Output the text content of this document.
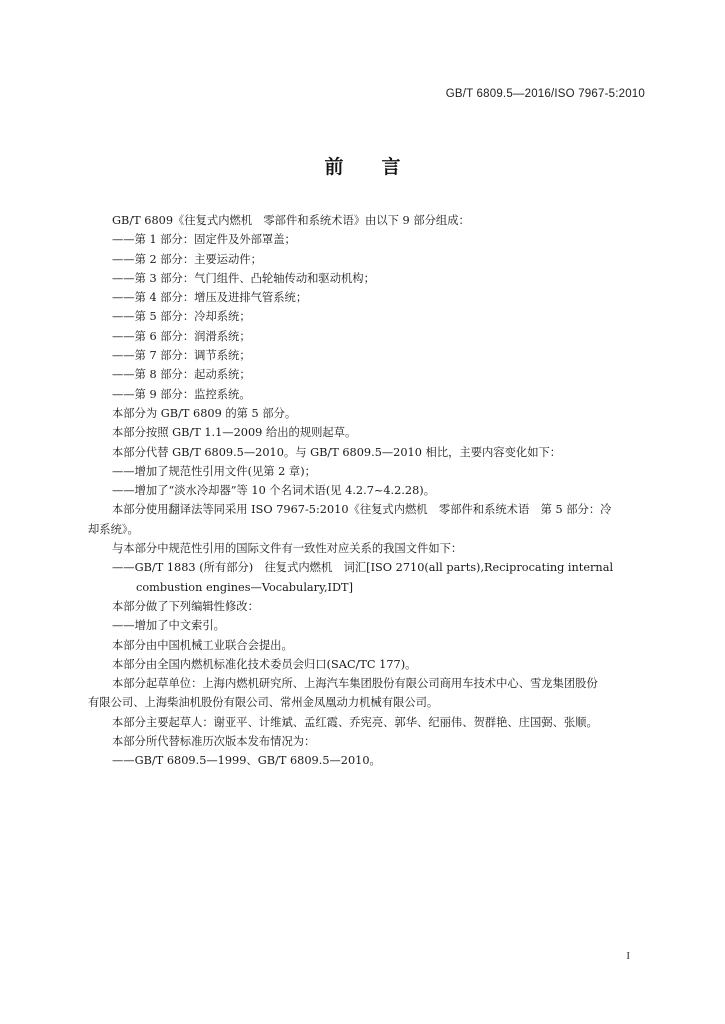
GB/T 6809.5—2016/ISO 7967-5:2010
前言
GB/T 6809《往复式内燃机　零部件和系统术语》由以下 9 部分组成：
——第 1 部分：固定件及外部罩盖；
——第 2 部分：主要运动件；
——第 3 部分：气门组件、凸轮轴传动和驱动机构；
——第 4 部分：增压及进排气管系统；
——第 5 部分：冷却系统；
——第 6 部分：润滑系统；
——第 7 部分：调节系统；
——第 8 部分：起动系统；
——第 9 部分：监控系统。
本部分为 GB/T 6809 的第 5 部分。
本部分按照 GB/T 1.1—2009 给出的规则起草。
本部分代替 GB/T 6809.5—2010。与 GB/T 6809.5—2010 相比，主要内容变化如下：
——增加了规范性引用文件(见第 2 章)；
——增加了“淡水冷却器”等 10 个名词术语(见 4.2.7~4.2.28)。
本部分使用翻译法等同采用 ISO 7967-5:2010《往复式内燃机　零部件和系统术语　第 5 部分：冷
却系统》。
与本部分中规范性引用的国际文件有一致性对应关系的我国文件如下：
——GB/T 1883 (所有部分)　往复式内燃机　词汇[ISO 2710(all parts),Reciprocating internal
combustion engines—Vocabulary,IDT]
本部分做了下列编辑性修改：
——增加了中文索引。
本部分由中国机械工业联合会提出。
本部分由全国内燃机标准化技术委员会归口(SAC/TC 177)。
本部分起草单位：上海内燃机研究所、上海汽车集团股份有限公司商用车技术中心、雪龙集团股份
有限公司、上海柴油机股份有限公司、常州金凤凰动力机械有限公司。
本部分主要起草人：谢亚平、计维斌、孟红霞、乔宪亮、郭华、纪丽伟、贺群艳、庄国弼、张顺。
本部分所代替标准历次版本发布情况为：
——GB/T 6809.5—1999、GB/T 6809.5—2010。
I
